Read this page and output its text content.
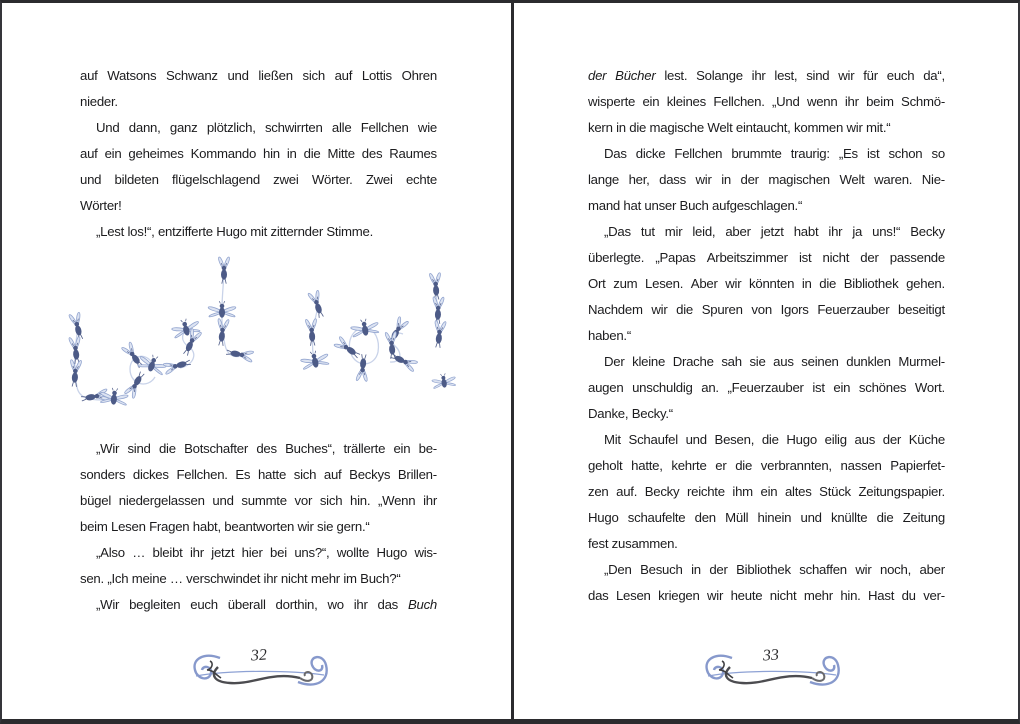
auf Watsons Schwanz und ließen sich auf Lottis Ohren
nieder.
Und dann, ganz plötzlich, schwirrten alle Fellchen wie
auf ein geheimes Kommando hin in die Mitte des Raumes
und bildeten flügelschlagend zwei Wörter. Zwei echte
Wörter!
„Lest los!“, entzifferte Hugo mit zitternder Stimme.
„Wir sind die Botschafter des Buches“, trällerte ein be-
sonders dickes Fellchen. Es hatte sich auf Beckys Brillen-
bügel niedergelassen und summte vor sich hin. „Wenn ihr
beim Lesen Fragen habt, beantworten wir sie gern.“
„Also … bleibt ihr jetzt hier bei uns?“, wollte Hugo wis-
sen. „Ich meine … verschwindet ihr nicht mehr im Buch?“
„Wir begleiten euch überall dorthin, wo ihr das Buch
32
der Bücher lest. Solange ihr lest, sind wir für euch da“,
wisperte ein kleines Fellchen. „Und wenn ihr beim Schmö-
kern in die magische Welt eintaucht, kommen wir mit.“
Das dicke Fellchen brummte traurig: „Es ist schon so
lange her, dass wir in der magischen Welt waren. Nie-
mand hat unser Buch aufgeschlagen.“
„Das tut mir leid, aber jetzt habt ihr ja uns!“ Becky
überlegte. „Papas Arbeitszimmer ist nicht der passende
Ort zum Lesen. Aber wir könnten in die Bibliothek gehen.
Nachdem wir die Spuren von Igors Feuerzauber beseitigt
haben.“
Der kleine Drache sah sie aus seinen dunklen Murmel-
augen unschuldig an. „Feuerzauber ist ein schönes Wort.
Danke, Becky.“
Mit Schaufel und Besen, die Hugo eilig aus der Küche
geholt hatte, kehrte er die verbrannten, nassen Papierfet-
zen auf. Becky reichte ihm ein altes Stück Zeitungspapier.
Hugo schaufelte den Müll hinein und knüllte die Zeitung
fest zusammen.
„Den Besuch in der Bibliothek schaffen wir noch, aber
das Lesen kriegen wir heute nicht mehr hin. Hast du ver-
33
